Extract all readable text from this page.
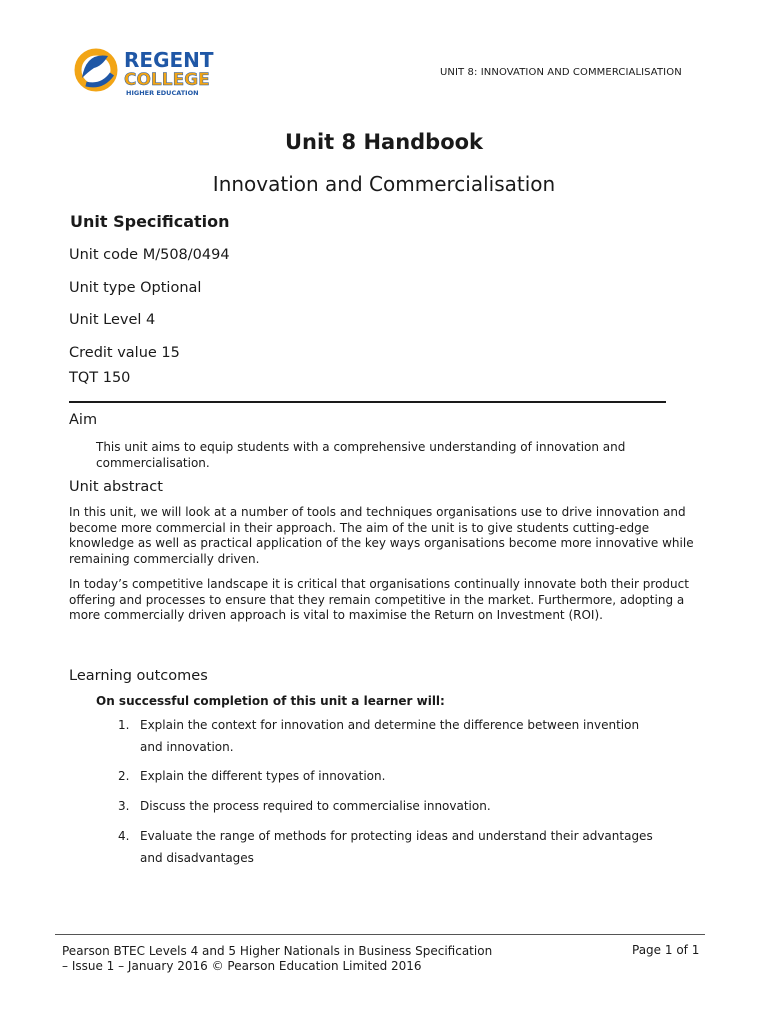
REGENT
COLLEGE
HIGHER EDUCATION
UNIT 8: INNOVATION AND COMMERCIALISATION
Unit 8 Handbook
Innovation and Commercialisation
Unit Specification
Unit code M/508/0494
Unit type Optional
Unit Level 4
Credit value 15
TQT 150
Aim
This unit aims to equip students with a comprehensive understanding of innovation and commercialisation.
Unit abstract
In this unit, we will look at a number of tools and techniques organisations use to drive innovation and become more commercial in their approach. The aim of the unit is to give students cutting-edge knowledge as well as practical application of the key ways organisations become more innovative while remaining commercially driven.
In today’s competitive landscape it is critical that organisations continually innovate both their product offering and processes to ensure that they remain competitive in the market. Furthermore, adopting a more commercially driven approach is vital to maximise the Return on Investment (ROI).
Learning outcomes
On successful completion of this unit a learner will:
1. Explain the context for innovation and determine the difference between invention
and innovation.
2. Explain the different types of innovation.
3. Discuss the process required to commercialise innovation.
4. Evaluate the range of methods for protecting ideas and understand their advantages
and disadvantages
Pearson BTEC Levels 4 and 5 Higher Nationals in Business Specification
– Issue 1 – January 2016 © Pearson Education Limited 2016
Page 1 of 1
